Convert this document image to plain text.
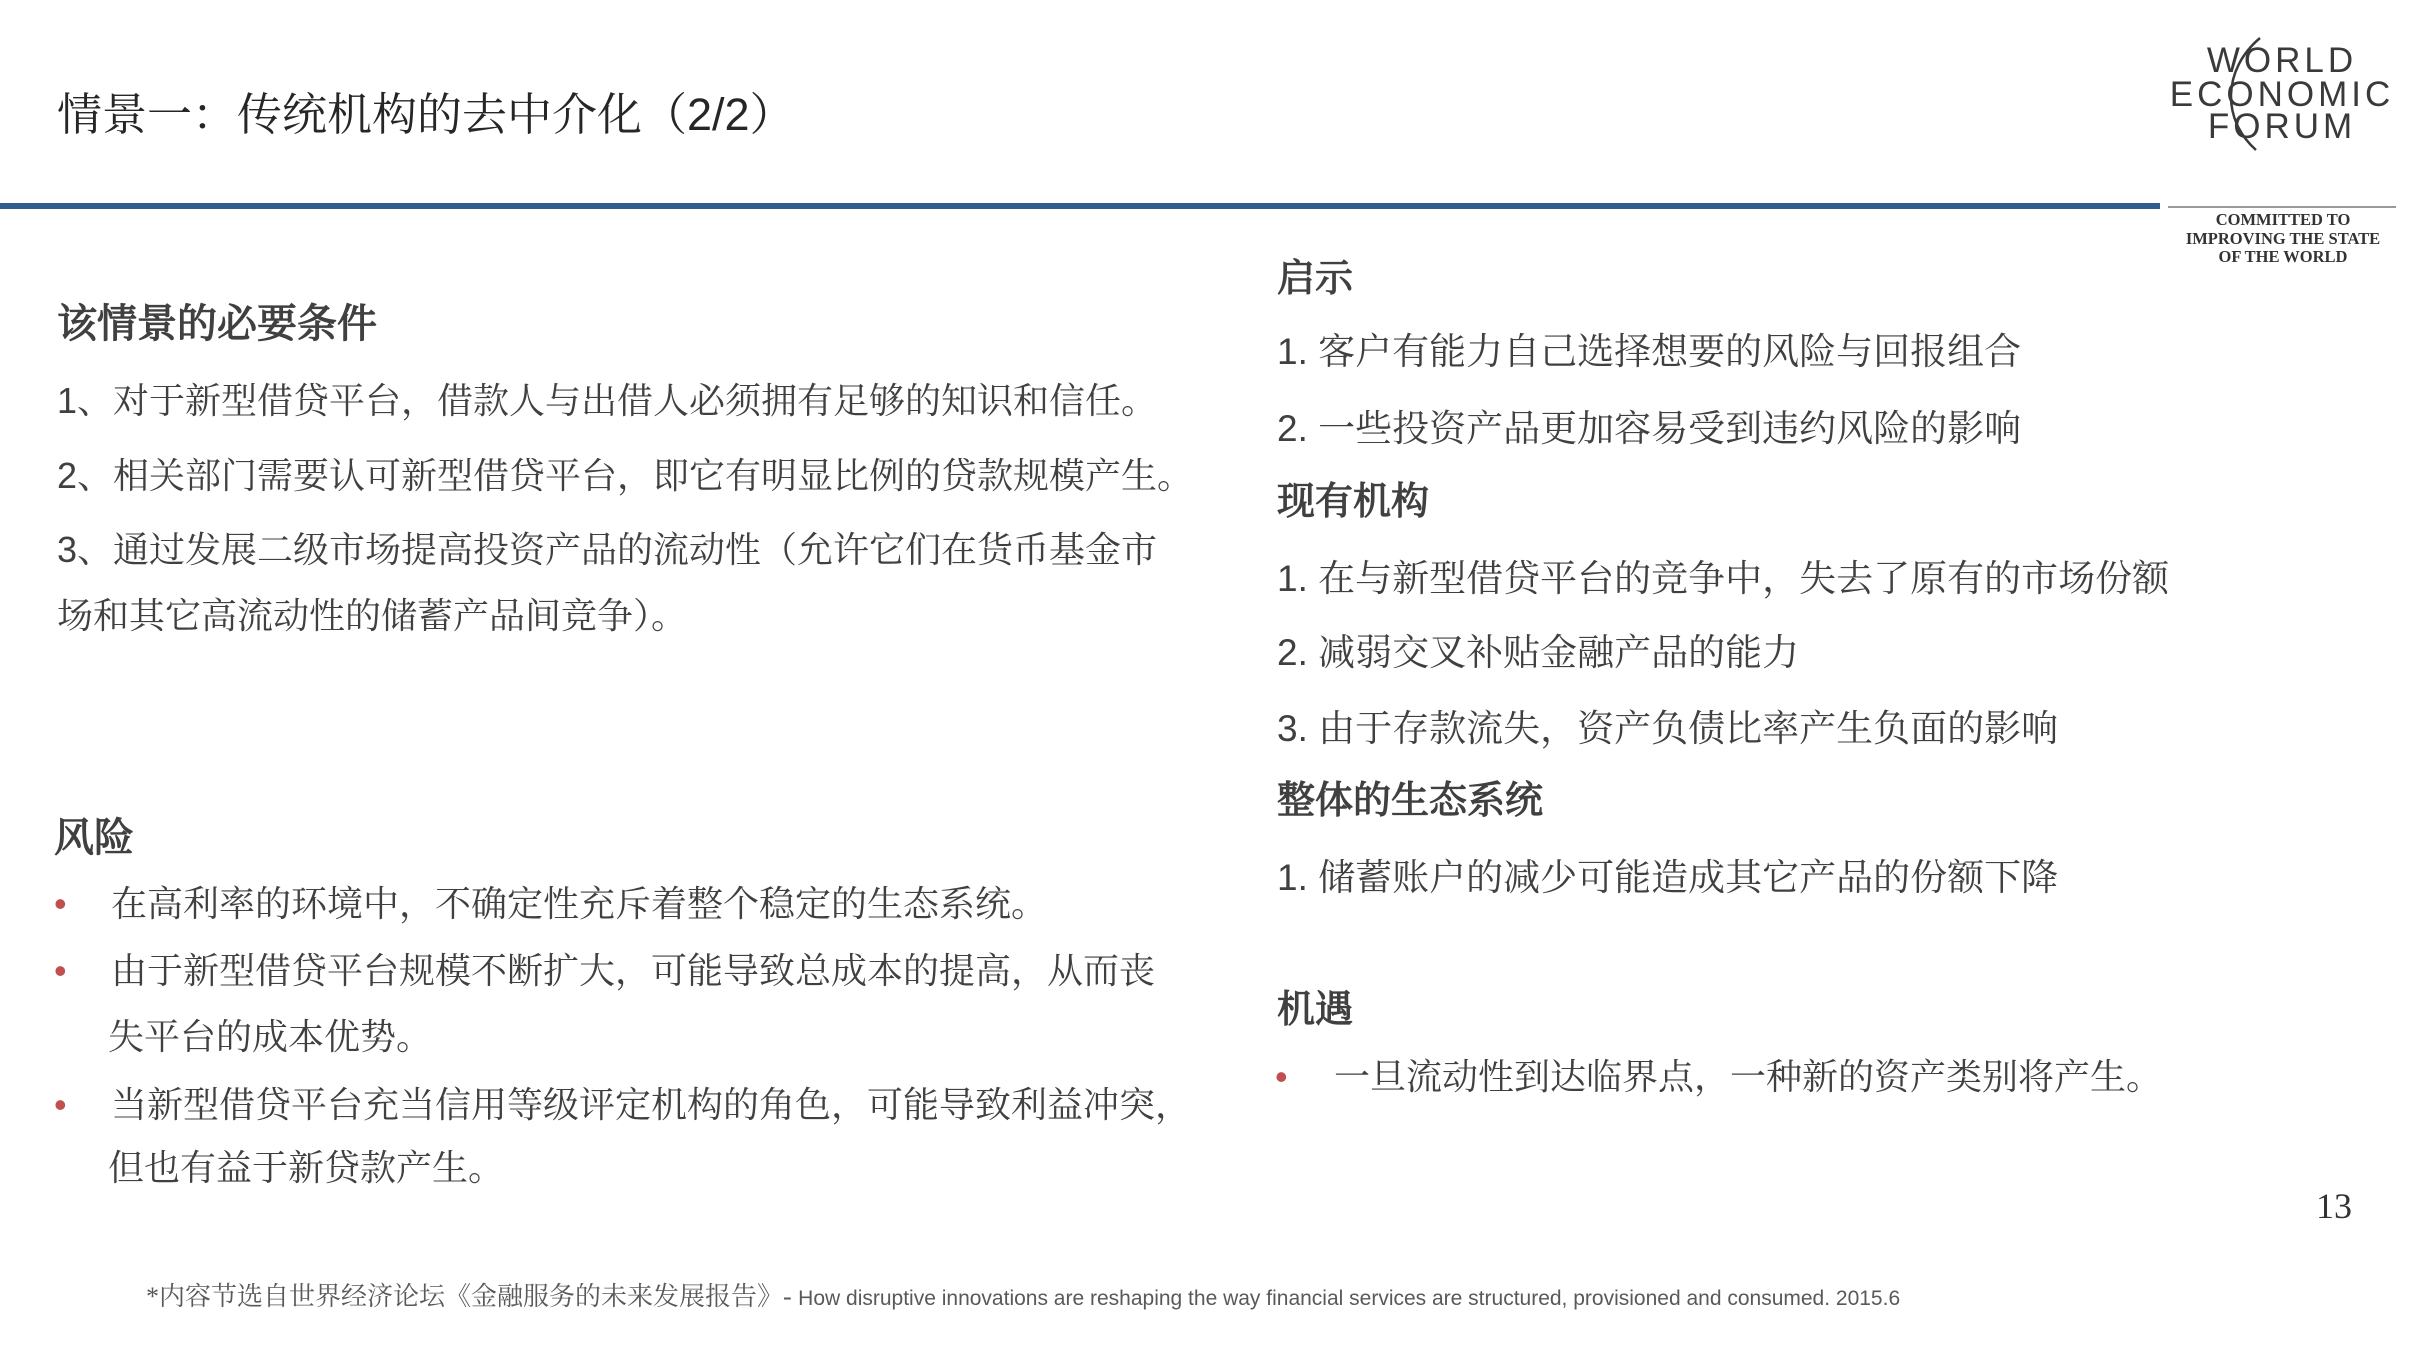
情景一：传统机构的去中介化（2/2）
WORLD
ECONOMIC
FORUM
COMMITTED TO
IMPROVING THE STATE
OF THE WORLD
该情景的必要条件
1、对于新型借贷平台，借款人与出借人必须拥有足够的知识和信任。
2、相关部门需要认可新型借贷平台，即它有明显比例的贷款规模产生。
3、通过发展二级市场提高投资产品的流动性（允许它们在货币基金市
场和其它高流动性的储蓄产品间竞争）。
风险
• 在高利率的环境中，不确定性充斥着整个稳定的生态系统。
• 由于新型借贷平台规模不断扩大，可能导致总成本的提高，从而丧
失平台的成本优势。
• 当新型借贷平台充当信用等级评定机构的角色，可能导致利益冲突，
但也有益于新贷款产生。
启示
1. 客户有能力自己选择想要的风险与回报组合
2. 一些投资产品更加容易受到违约风险的影响
现有机构
1. 在与新型借贷平台的竞争中，失去了原有的市场份额
2. 减弱交叉补贴金融产品的能力
3. 由于存款流失，资产负债比率产生负面的影响
整体的生态系统
1. 储蓄账户的减少可能造成其它产品的份额下降
机遇
• 一旦流动性到达临界点，一种新的资产类别将产生。
13
*内容节选自世界经济论坛《金融服务的未来发展报告》- How disruptive innovations are reshaping the way financial services are structured, provisioned and consumed. 2015.6
